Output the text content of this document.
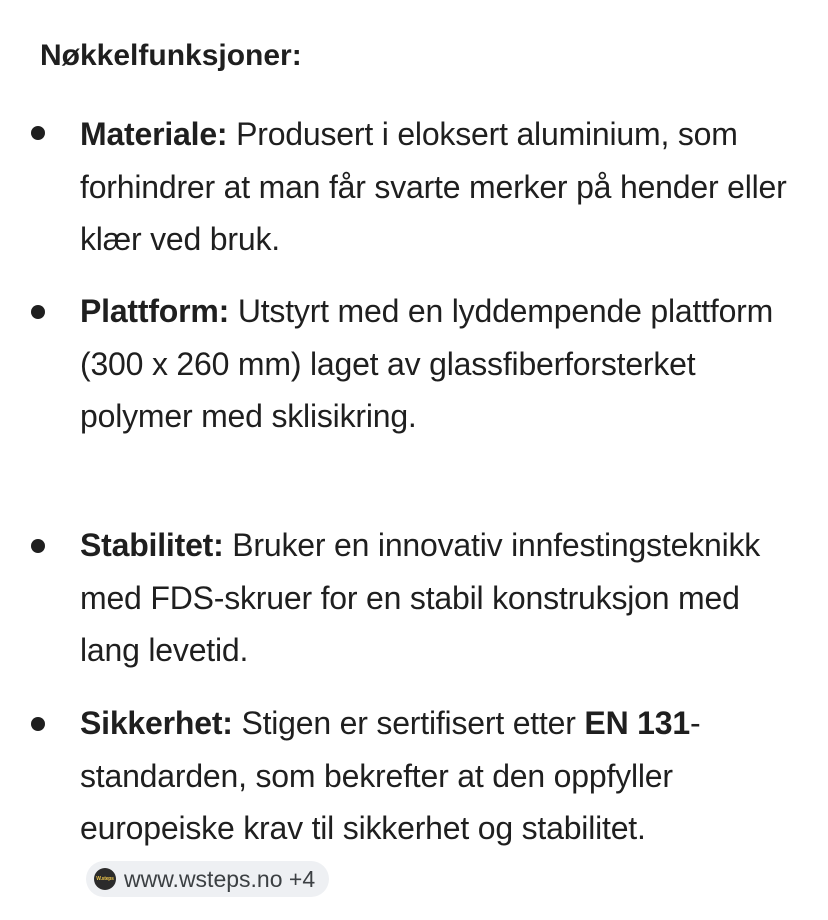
Nøkkelfunksjoner:
Materiale: Produsert i eloksert aluminium, som forhindrer at man får svarte merker på hender eller klær ved bruk.
Plattform: Utstyrt med en lyddempende plattform (300 x 260 mm) laget av glassfiberforsterket polymer med sklisikring.
Stabilitet: Bruker en innovativ innfestingsteknikk med FDS-skruer for en stabil konstruksjon med lang levetid.
Sikkerhet: Stigen er sertifisert etter EN 131-standarden, som bekrefter at den oppfyller europeiske krav til sikkerhet og stabilitet.
W.steps www.wsteps.no +4
